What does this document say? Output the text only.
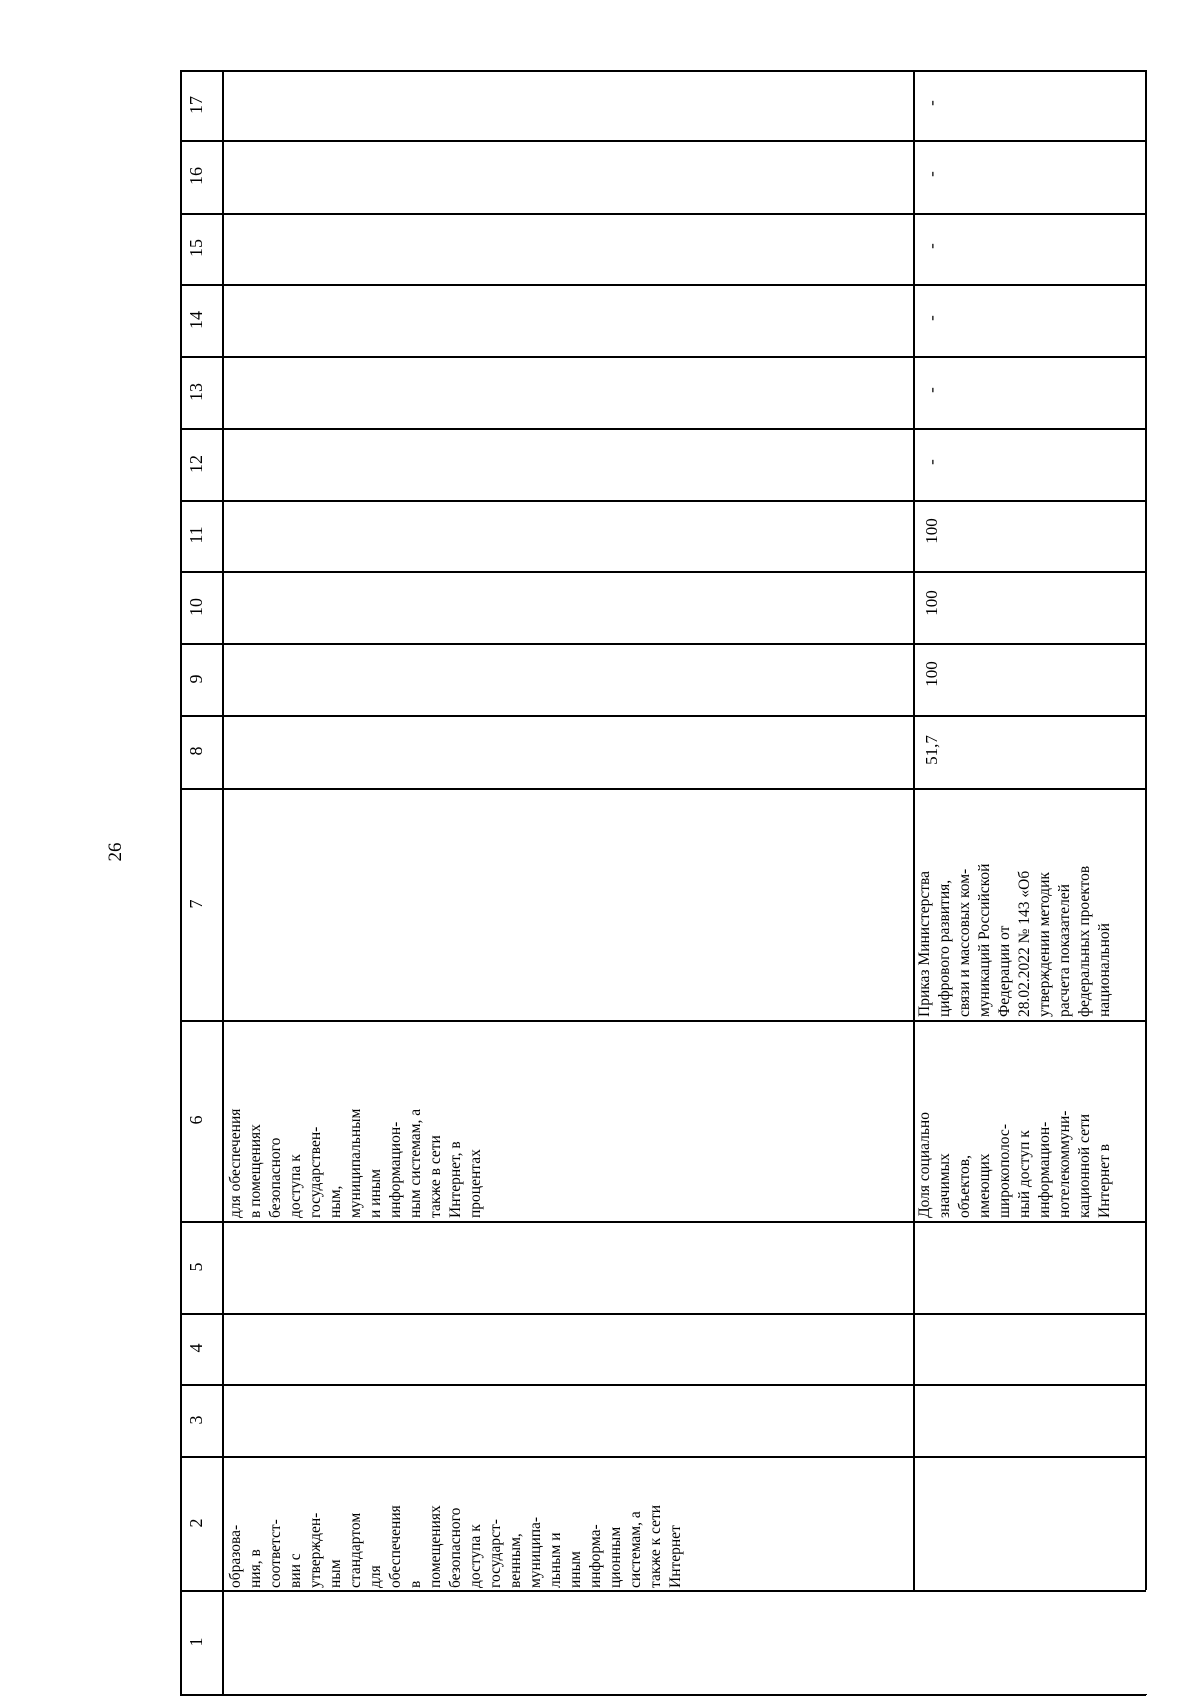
26
17
16
15
14
13
12
11
10
9
8
7
6
5
4
3
2
1
образова-
ния, в
соответст-
вии с
утвержден-
ным
стандартом
для
обеспечения
в
помещениях
безопасного
доступа к
государст-
венным,
муниципа-
льным и
иным
информа-
ционным
системам, а
также к сети
Интернет
для обеспечения
в помещениях
безопасного
доступа к
государствен-
ным,
муниципальным
и иным
информацион-
ным системам, а
также в сети
Интернет, в
процентах	Доля социально
значимых
объектов,
имеющих
широкополос-
ный доступ к
информацион-
нотелекоммуни-
кационной сети
Интернет в
Приказ Министерства
цифрового развития,
связи и массовых ком-
муникаций Российской
Федерации от
28.02.2022 № 143 «Об
утверждении методик
расчета показателей
федеральных проектов
национальной
51,7
100
100
100
-
-
-
-
-
-
